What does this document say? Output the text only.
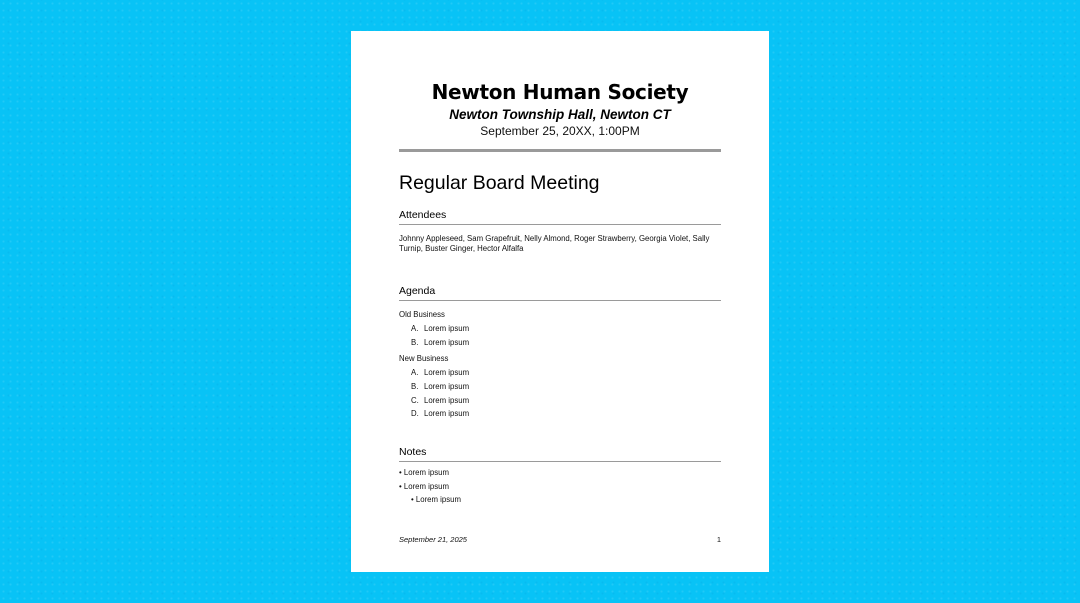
Newton Human Society
Newton Township Hall, Newton CT
September 25, 20XX, 1:00PM
Regular Board Meeting
Attendees
Johnny Appleseed, Sam Grapefruit, Nelly Almond, Roger Strawberry, Georgia Violet, Sally Turnip, Buster Ginger, Hector Alfalfa
Agenda
Old Business
A. Lorem ipsum
B. Lorem ipsum
New Business
A. Lorem ipsum
B. Lorem ipsum
C. Lorem ipsum
D. Lorem ipsum
Notes
• Lorem ipsum
• Lorem ipsum
• Lorem ipsum
September 21, 2025	1
